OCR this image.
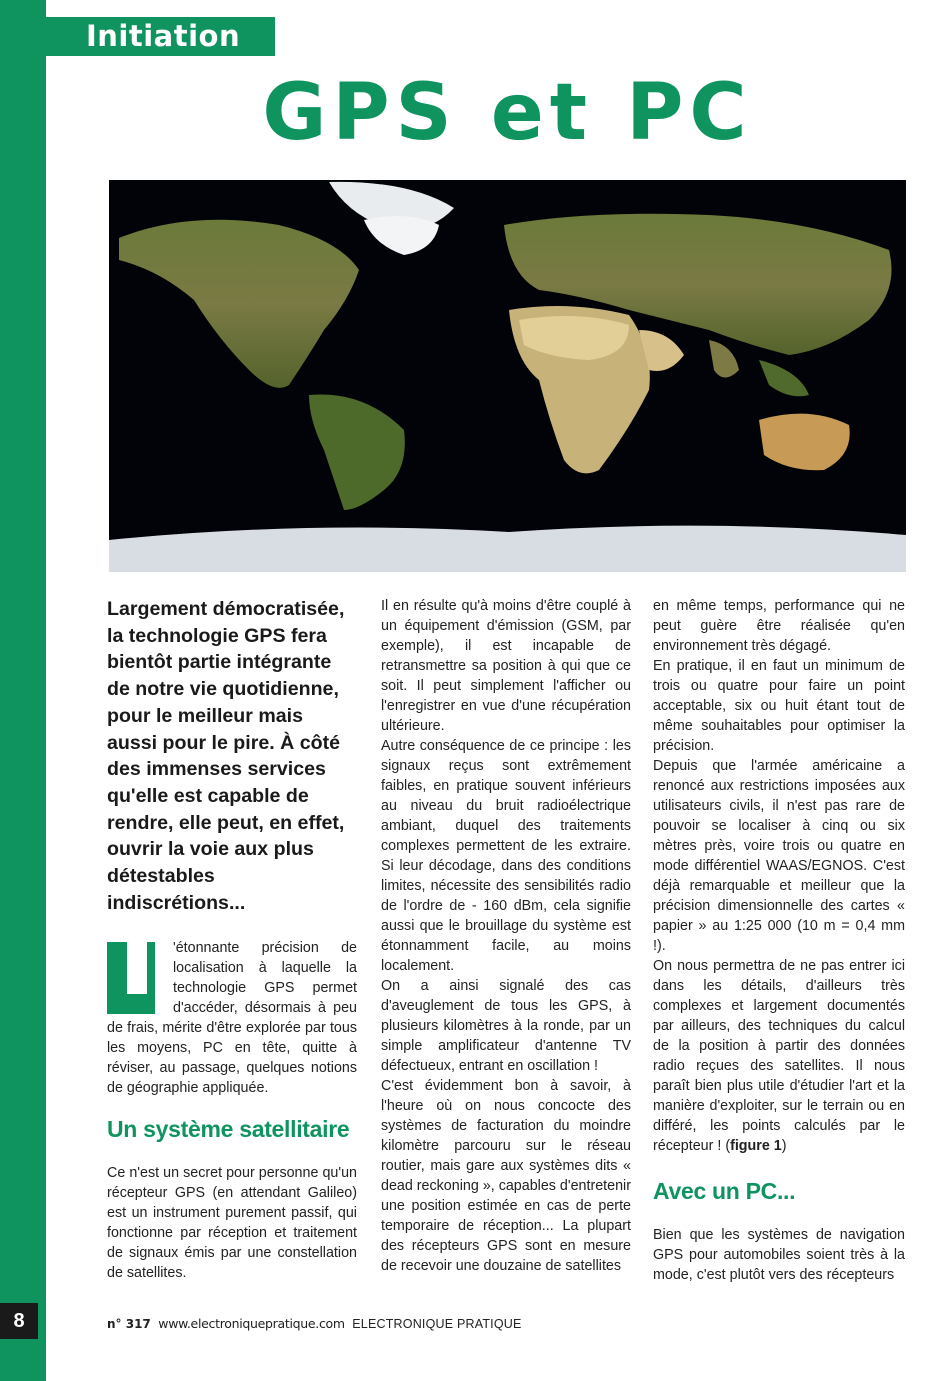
Initiation
GPS et PC

Largement démocratisée, la technologie GPS fera bientôt partie intégrante de notre vie quotidienne, pour le meilleur mais aussi pour le pire. À côté des immenses services qu'elle est capable de rendre, elle peut, en effet, ouvrir la voie aux plus détestables indiscrétions...

'étonnante précision de localisation à laquelle la technologie GPS permet d'accéder, désormais à peu de frais, mérite d'être explorée par tous les moyens, PC en tête, quitte à réviser, au passage, quelques notions de géographie appliquée.

Un système satellitaire

Ce n'est un secret pour personne qu'un récepteur GPS (en attendant Galileo) est un instrument purement passif, qui fonctionne par réception et traitement de signaux émis par une constellation de satellites.

Il en résulte qu'à moins d'être couplé à un équipement d'émission (GSM, par exemple), il est incapable de retransmettre sa position à qui que ce soit. Il peut simplement l'afficher ou l'enregistrer en vue d'une récupération ultérieure.

Autre conséquence de ce principe : les signaux reçus sont extrêmement faibles, en pratique souvent inférieurs au niveau du bruit radioélectrique ambiant, duquel des traitements complexes permettent de les extraire. Si leur décodage, dans des conditions limites, nécessite des sensibilités radio de l'ordre de - 160 dBm, cela signifie aussi que le brouillage du système est étonnamment facile, au moins localement.

On a ainsi signalé des cas d'aveuglement de tous les GPS, à plusieurs kilomètres à la ronde, par un simple amplificateur d'antenne TV défectueux, entrant en oscillation !

C'est évidemment bon à savoir, à l'heure où on nous concocte des systèmes de facturation du moindre kilomètre parcouru sur le réseau routier, mais gare aux systèmes dits « dead reckoning », capables d'entretenir une position estimée en cas de perte temporaire de réception... La plupart des récepteurs GPS sont en mesure de recevoir une douzaine de satellites

en même temps, performance qui ne peut guère être réalisée qu'en environnement très dégagé.

En pratique, il en faut un minimum de trois ou quatre pour faire un point acceptable, six ou huit étant tout de même souhaitables pour optimiser la précision.

Depuis que l'armée américaine a renoncé aux restrictions imposées aux utilisateurs civils, il n'est pas rare de pouvoir se localiser à cinq ou six mètres près, voire trois ou quatre en mode différentiel WAAS/EGNOS. C'est déjà remarquable et meilleur que la précision dimensionnelle des cartes « papier » au 1:25 000 (10 m = 0,4 mm !).

On nous permettra de ne pas entrer ici dans les détails, d'ailleurs très complexes et largement documentés par ailleurs, des techniques du calcul de la position à partir des données radio reçues des satellites. Il nous paraît bien plus utile d'étudier l'art et la manière d'exploiter, sur le terrain ou en différé, les points calculés par le récepteur ! (figure 1)

Avec un PC...

Bien que les systèmes de navigation GPS pour automobiles soient très à la mode, c'est plutôt vers des récepteurs

8	n° 317 www.electroniquepratique.com ELECTRONIQUE PRATIQUE
